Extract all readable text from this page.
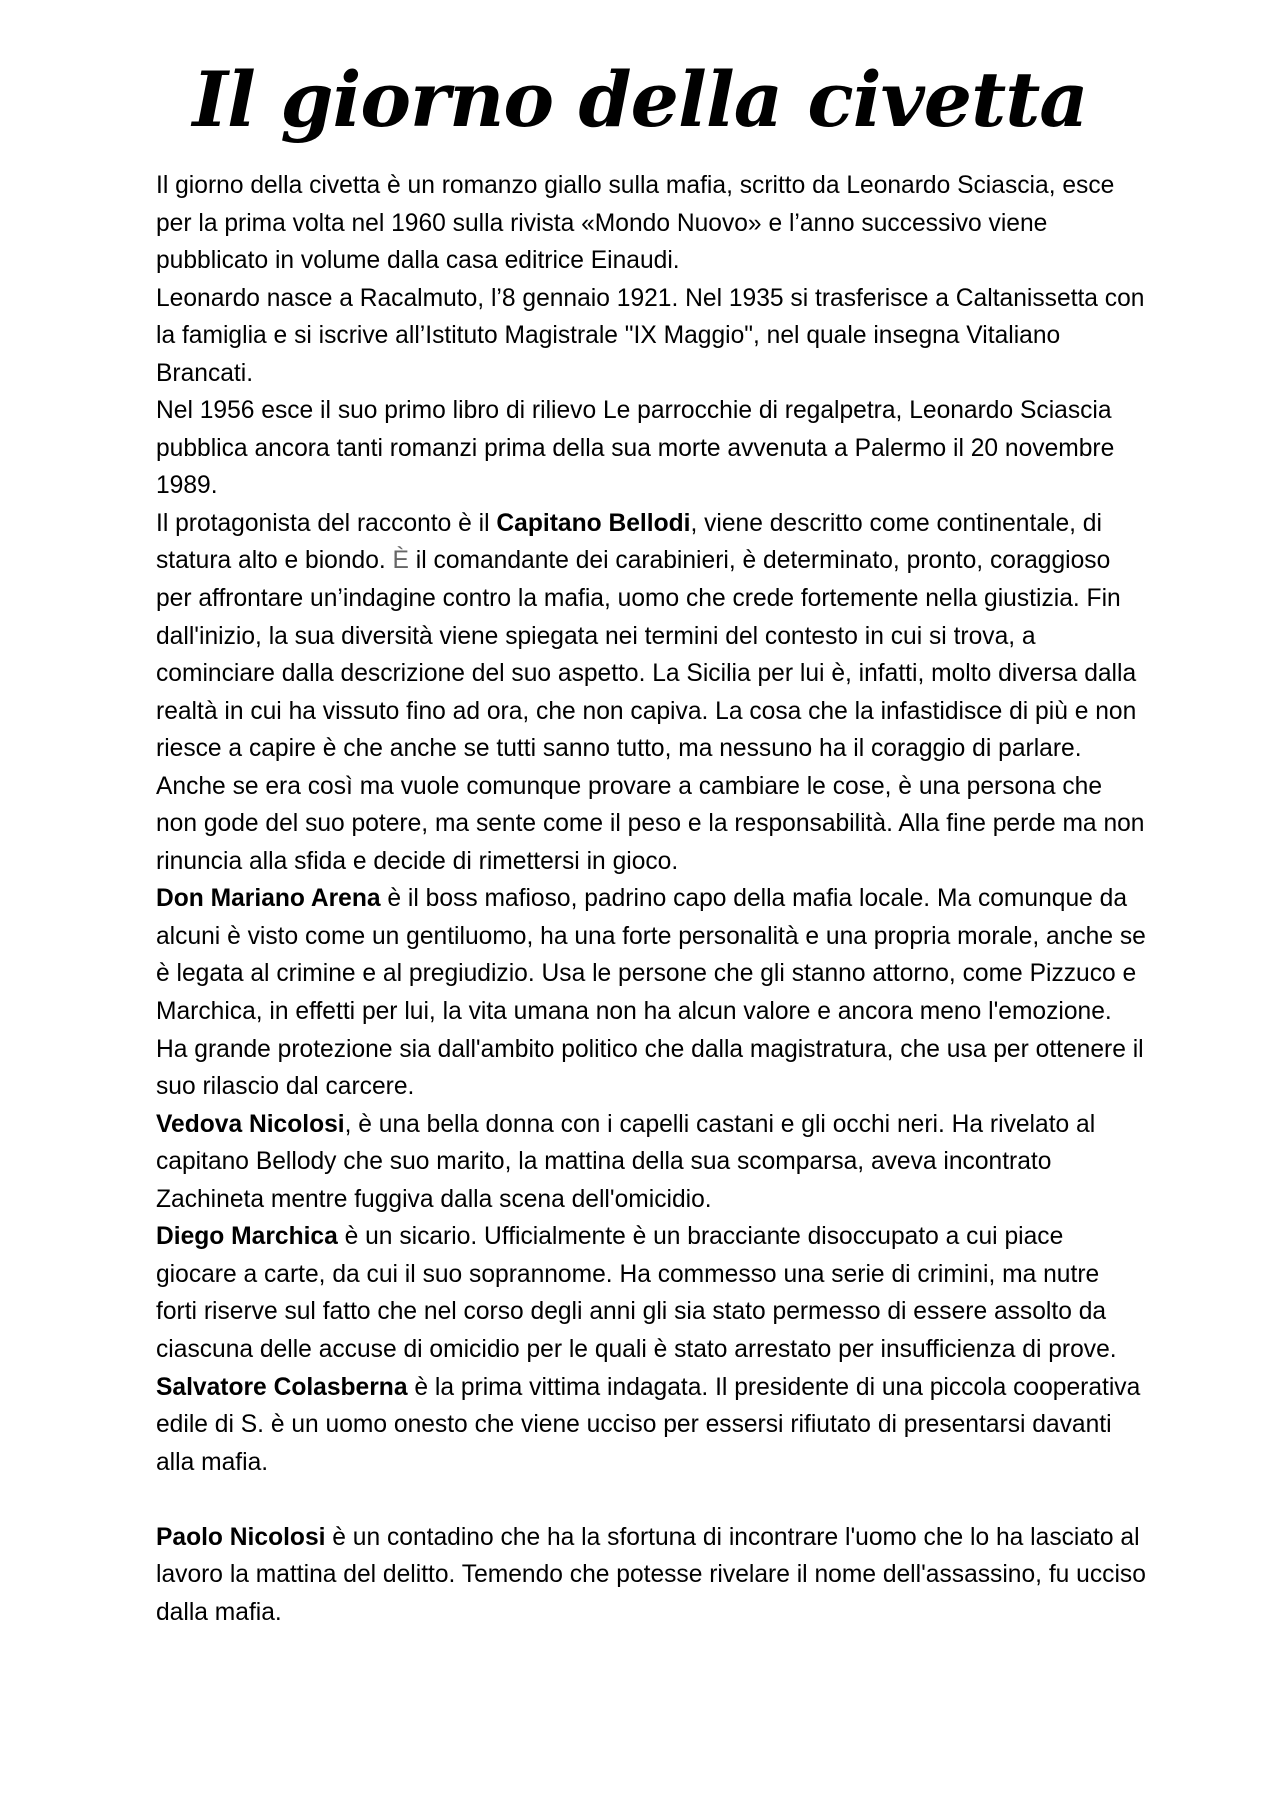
Il giorno della civetta

Il giorno della civetta è un romanzo giallo sulla mafia, scritto da Leonardo Sciascia, esce per la prima volta nel 1960 sulla rivista «Mondo Nuovo» e l’anno successivo viene pubblicato in volume dalla casa editrice Einaudi.

Leonardo nasce a Racalmuto, l’8 gennaio 1921. Nel 1935 si trasferisce a Caltanissetta con la famiglia e si iscrive all’Istituto Magistrale "IX Maggio", nel quale insegna Vitaliano Brancati.

Nel 1956 esce il suo primo libro di rilievo Le parrocchie di regalpetra, Leonardo Sciascia pubblica ancora tanti romanzi prima della sua morte avvenuta a Palermo il 20 novembre 1989.

Il protagonista del racconto è il Capitano Bellodi, viene descritto come continentale, di statura alto e biondo. È il comandante dei carabinieri, è determinato, pronto, coraggioso per affrontare un’indagine contro la mafia, uomo che crede fortemente nella giustizia. Fin dall'inizio, la sua diversità viene spiegata nei termini del contesto in cui si trova, a cominciare dalla descrizione del suo aspetto. La Sicilia per lui è, infatti, molto diversa dalla realtà in cui ha vissuto fino ad ora, che non capiva. La cosa che la infastidisce di più e non riesce a capire è che anche se tutti sanno tutto, ma nessuno ha il coraggio di parlare. Anche se era così ma vuole comunque provare a cambiare le cose, è una persona che non gode del suo potere, ma sente come il peso e la responsabilità. Alla fine perde ma non rinuncia alla sfida e decide di rimettersi in gioco.

Don Mariano Arena è il boss mafioso, padrino capo della mafia locale. Ma comunque da alcuni è visto come un gentiluomo, ha una forte personalità e una propria morale, anche se è legata al crimine e al pregiudizio. Usa le persone che gli stanno attorno, come Pizzuco e Marchica, in effetti per lui, la vita umana non ha alcun valore e ancora meno l'emozione. Ha grande protezione sia dall'ambito politico che dalla magistratura, che usa per ottenere il suo rilascio dal carcere.

Vedova Nicolosi, è una bella donna con i capelli castani e gli occhi neri. Ha rivelato al capitano Bellody che suo marito, la mattina della sua scomparsa, aveva incontrato Zachineta mentre fuggiva dalla scena dell'omicidio.

Diego Marchica è un sicario. Ufficialmente è un bracciante disoccupato a cui piace giocare a carte, da cui il suo soprannome. Ha commesso una serie di crimini, ma nutre forti riserve sul fatto che nel corso degli anni gli sia stato permesso di essere assolto da ciascuna delle accuse di omicidio per le quali è stato arrestato per insufficienza di prove.

Salvatore Colasberna è la prima vittima indagata. Il presidente di una piccola cooperativa edile di S. è un uomo onesto che viene ucciso per essersi rifiutato di presentarsi davanti alla mafia.

Paolo Nicolosi è un contadino che ha la sfortuna di incontrare l'uomo che lo ha lasciato al lavoro la mattina del delitto. Temendo che potesse rivelare il nome dell'assassino, fu ucciso dalla mafia.
